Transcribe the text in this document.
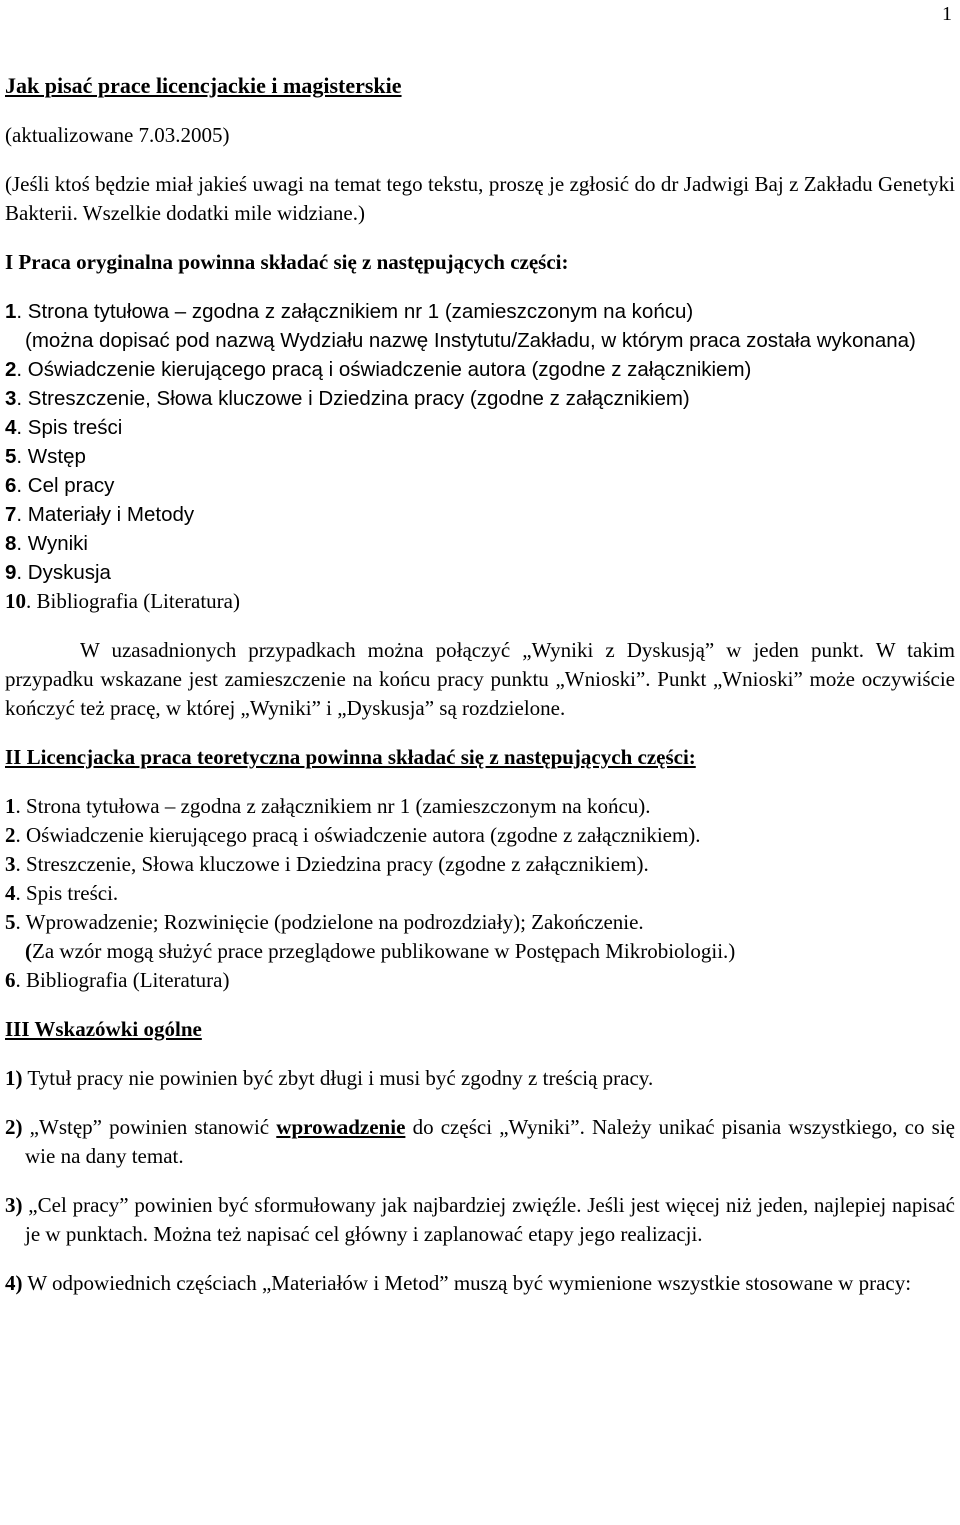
1

Jak pisać prace licencjackie i magisterskie

(aktualizowane 7.03.2005)

(Jeśli ktoś będzie miał jakieś uwagi na temat tego tekstu, proszę je zgłosić do dr Jadwigi Baj z Zakładu Genetyki Bakterii. Wszelkie dodatki mile widziane.)

I Praca oryginalna powinna składać się z następujących części:

1. Strona tytułowa – zgodna z załącznikiem nr 1 (zamieszczonym na końcu)
(można dopisać pod nazwą Wydziału nazwę Instytutu/Zakładu, w którym praca została wykonana)
2. Oświadczenie kierującego pracą i oświadczenie autora (zgodne z załącznikiem)
3. Streszczenie, Słowa kluczowe i Dziedzina pracy (zgodne z załącznikiem)
4. Spis treści
5. Wstęp
6. Cel pracy
7. Materiały i Metody
8. Wyniki
9. Dyskusja
10. Bibliografia (Literatura)

W uzasadnionych przypadkach można połączyć „Wyniki z Dyskusją” w jeden punkt. W takim przypadku wskazane jest zamieszczenie na końcu pracy punktu „Wnioski”. Punkt „Wnioski” może oczywiście kończyć też pracę, w której „Wyniki” i „Dyskusja” są rozdzielone.

II Licencjacka praca teoretyczna powinna składać się z następujących części:

1. Strona tytułowa – zgodna z załącznikiem nr 1 (zamieszczonym na końcu).
2. Oświadczenie kierującego pracą i oświadczenie autora (zgodne z załącznikiem).
3. Streszczenie, Słowa kluczowe i Dziedzina pracy (zgodne z załącznikiem).
4. Spis treści.
5. Wprowadzenie; Rozwinięcie (podzielone na podrozdziały); Zakończenie.
(Za wzór mogą służyć prace przeglądowe publikowane w Postępach Mikrobiologii.)
6. Bibliografia (Literatura)

III Wskazówki ogólne

1) Tytuł pracy nie powinien być zbyt długi i musi być zgodny z treścią pracy.
2) „Wstęp” powinien stanowić wprowadzenie do części „Wyniki”. Należy unikać pisania wszystkiego, co się wie na dany temat.
3) „Cel pracy” powinien być sformułowany jak najbardziej zwięźle. Jeśli jest więcej niż jeden, najlepiej napisać je w punktach. Można też napisać cel główny i zaplanować etapy jego realizacji.
4) W odpowiednich częściach „Materiałów i Metod” muszą być wymienione wszystkie stosowane w pracy:
